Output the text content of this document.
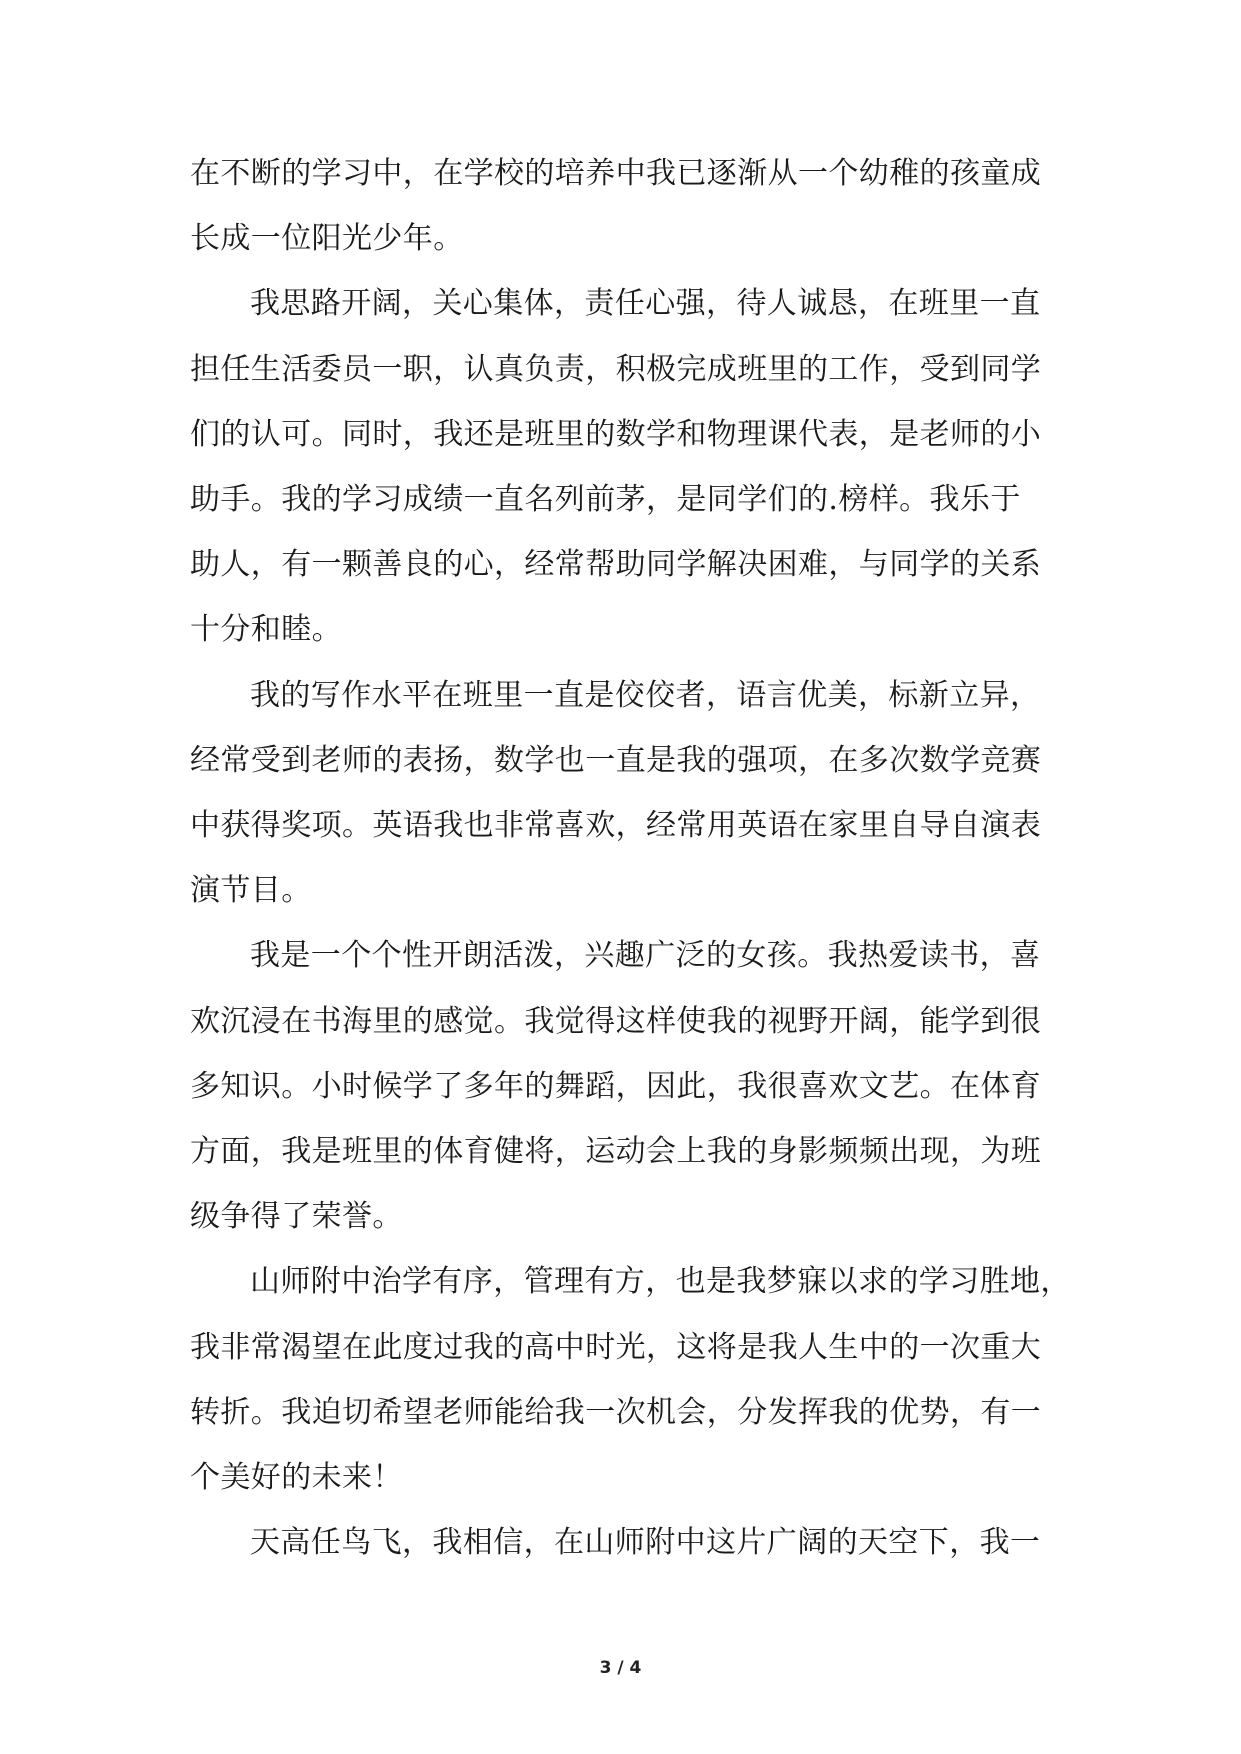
在不断的学习中，在学校的培养中我已逐渐从一个幼稚的孩童成
长成一位阳光少年。
我思路开阔，关心集体，责任心强，待人诚恳，在班里一直
担任生活委员一职，认真负责，积极完成班里的工作，受到同学
们的认可。同时，我还是班里的数学和物理课代表，是老师的小
助手。我的学习成绩一直名列前茅，是同学们的.榜样。我乐于
助人，有一颗善良的心，经常帮助同学解决困难，与同学的关系
十分和睦。
我的写作水平在班里一直是佼佼者，语言优美，标新立异，
经常受到老师的表扬，数学也一直是我的强项，在多次数学竞赛
中获得奖项。英语我也非常喜欢，经常用英语在家里自导自演表
演节目。
我是一个个性开朗活泼，兴趣广泛的女孩。我热爱读书，喜
欢沉浸在书海里的感觉。我觉得这样使我的视野开阔，能学到很
多知识。小时候学了多年的舞蹈，因此，我很喜欢文艺。在体育
方面，我是班里的体育健将，运动会上我的身影频频出现，为班
级争得了荣誉。
山师附中治学有序，管理有方，也是我梦寐以求的学习胜地，
我非常渴望在此度过我的高中时光，这将是我人生中的一次重大
转折。我迫切希望老师能给我一次机会，分发挥我的优势，有一
个美好的未来！
天高任鸟飞，我相信，在山师附中这片广阔的天空下，我一
3 / 4
